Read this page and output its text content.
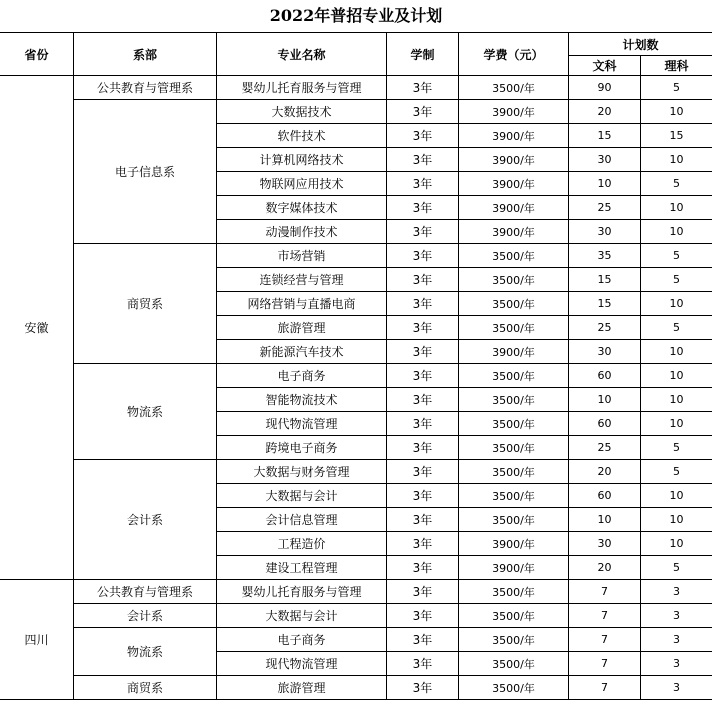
2022年普招专业及计划
省份	系部	专业名称	学制	学费（元）	计划数	
					文科	理科
安徽	公共教育与管理系	婴幼儿托育服务与管理	3年	3500/年	90	5
	电子信息系	大数据技术	3年	3900/年	20	10
		软件技术	3年	3900/年	15	15
		计算机网络技术	3年	3900/年	30	10
		物联网应用技术	3年	3900/年	10	5
		数字媒体技术	3年	3900/年	25	10
		动漫制作技术	3年	3900/年	30	10
	商贸系	市场营销	3年	3500/年	35	5
		连锁经营与管理	3年	3500/年	15	5
		网络营销与直播电商	3年	3500/年	15	10
		旅游管理	3年	3500/年	25	5
		新能源汽车技术	3年	3900/年	30	10
	物流系	电子商务	3年	3500/年	60	10
		智能物流技术	3年	3500/年	10	10
		现代物流管理	3年	3500/年	60	10
		跨境电子商务	3年	3500/年	25	5
	会计系	大数据与财务管理	3年	3500/年	20	5
		大数据与会计	3年	3500/年	60	10
		会计信息管理	3年	3500/年	10	10
		工程造价	3年	3900/年	30	10
		建设工程管理	3年	3900/年	20	5
四川	公共教育与管理系	婴幼儿托育服务与管理	3年	3500/年	7	3
	会计系	大数据与会计	3年	3500/年	7	3
	物流系	电子商务	3年	3500/年	7	3
		现代物流管理	3年	3500/年	7	3
	商贸系	旅游管理	3年	3500/年	7	3
